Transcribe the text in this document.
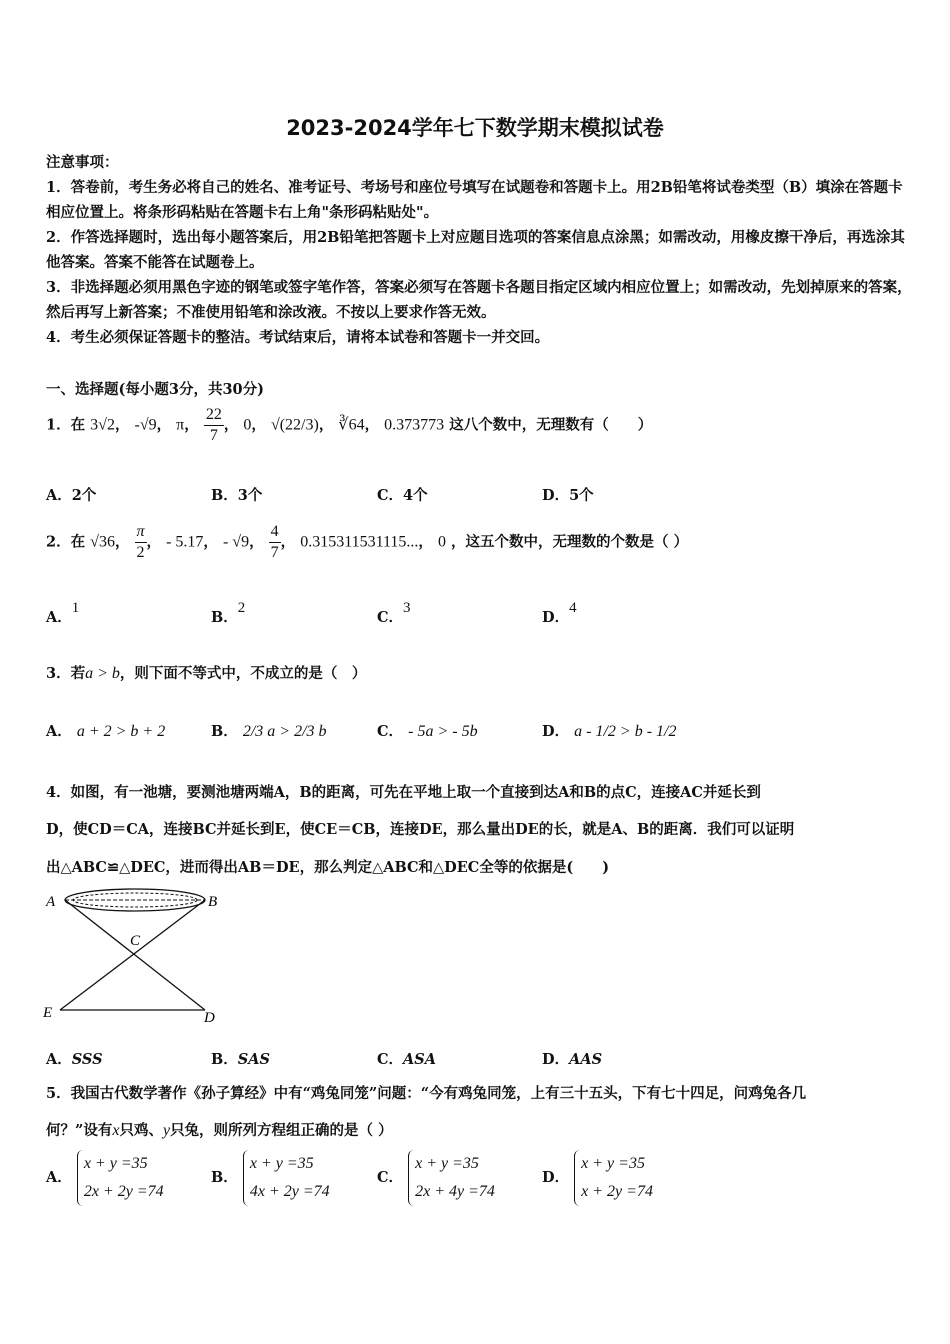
2023-2024学年七下数学期末模拟试卷
注意事项：
1．答卷前，考生务必将自己的姓名、准考证号、考场号和座位号填写在试题卷和答题卡上。用2B铅笔将试卷类型（B）填涂在答题卡相应位置上。将条形码粘贴在答题卡右上角"条形码粘贴处"。
2．作答选择题时，选出每小题答案后，用2B铅笔把答题卡上对应题目选项的答案信息点涂黑；如需改动，用橡皮擦干净后，再选涂其他答案。答案不能答在试题卷上。
3．非选择题必须用黑色字迹的钢笔或签字笔作答，答案必须写在答题卡各题目指定区域内相应位置上；如需改动，先划掉原来的答案，然后再写上新答案；不准使用铅笔和涂改液。不按以上要求作答无效。
4．考生必须保证答题卡的整洁。考试结束后，请将本试卷和答题卡一并交回。
一、选择题(每小题3分，共30分)
1．在 3√2， -√9， π， $\frac{22}{7}$ ， 0， √(22/3)， ∛64， 0.373773 这八个数中，无理数有（　　）
A．2个	B．3个	C．4个	D．5个
2．在 √36， $\frac{\pi}{2}$ ， - 5.17， - √9， $\frac{4}{7}$ ， 0.315311531115...， 0 ，这五个数中，无理数的个数是（ ）
A．1
B．2
C．3
D．4
3．若a > b，则下面不等式中，不成立的是（　）
A． a + 2 > b + 2	B． 2/3 a > 2/3 b	C． - 5a > - 5b	D． a - 1/2 > b - 1/2
4．如图，有一池塘，要测池塘两端A，B的距离，可先在平地上取一个直接到达A和B的点C，连接AC并延长到
D，使CD＝CA，连接BC并延长到E，使CE＝CB，连接DE，那么量出DE的长，就是A、B的距离．我们可以证明
出△ABC≌△DEC，进而得出AB＝DE，那么判定△ABC和△DEC全等的依据是(　　)
A	B
C
E	D
A．SSS	B．SAS	C．ASA	D．AAS
5．我国古代数学著作《孙子算经》中有“鸡兔同笼”问题：“今有鸡兔同笼，上有三十五头，下有七十四足，问鸡兔各几
何？”设有x只鸡、y只兔，则所列方程组正确的是（ ）
A．
x + y =35
2x + 2y =74
B．
x + y =35
4x + 2y =74
C．
x + y =35
2x + 4y =74
D．
x + y =35
x + 2y =74
